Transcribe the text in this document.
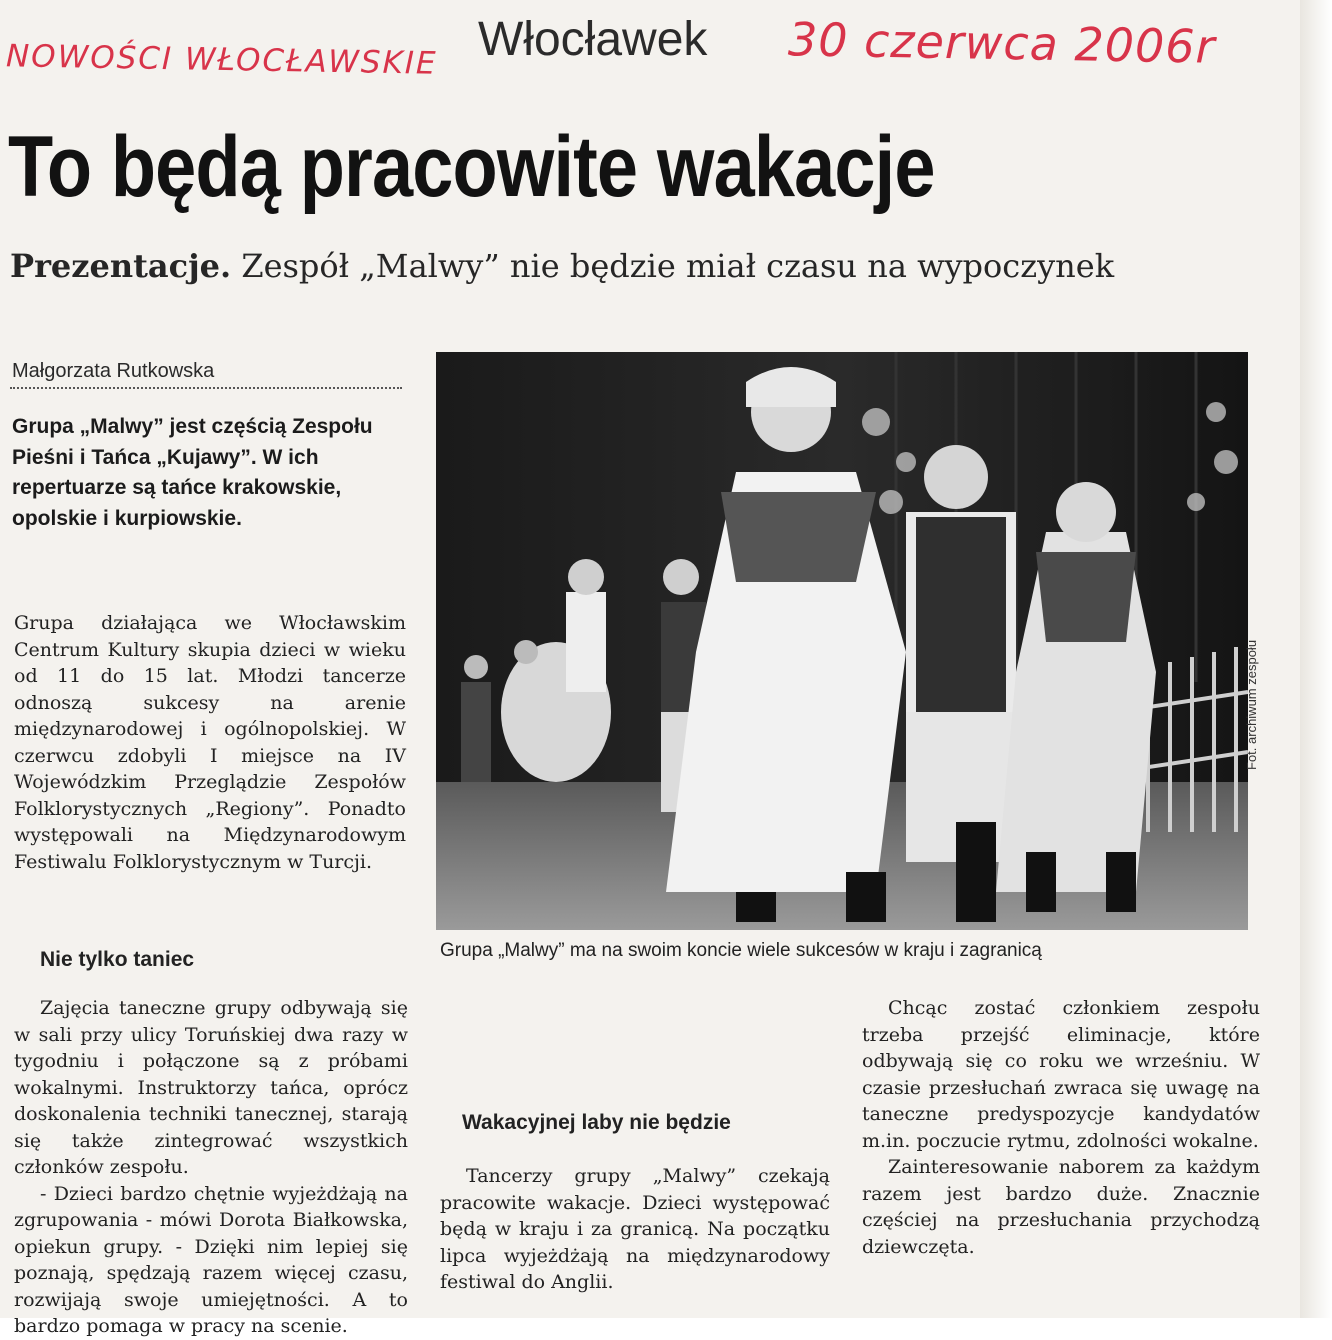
NOWOŚCI WŁOCŁAWSKIE Włocławek 30 czerwca 2006r
To będą pracowite wakacje
Prezentacje. Zespół „Malwy” nie będzie miał czasu na wypoczynek
Małgorzata Rutkowska
Grupa „Malwy” jest częścią Zespołu Pieśni i Tańca „Kujawy”. W ich repertuarze są tańce krakowskie, opolskie i kurpiowskie.

Grupa działająca we Włocławskim Centrum Kultury skupia dzieci w wieku od 11 do 15 lat. Młodzi tancerze odnoszą sukcesy na arenie międzynarodowej i ogólnopolskiej. W czerwcu zdobyli I miejsce na IV Wojewódzkim Przeglądzie Zespołów Folklorystycznych „Regiony”. Ponadto występowali na Międzynarodowym Festiwalu Folklorystycznym w Turcji.

Nie tylko taniec
Fot. archiwum zespołu
Grupa „Malwy” ma na swoim koncie wiele sukcesów w kraju i zagranicą

Zajęcia taneczne grupy odbywają się w sali przy ulicy Toruńskiej dwa razy w tygodniu i połączone są z próbami wokalnymi. Instruktorzy tańca, oprócz doskonalenia techniki tanecznej, starają się także zintegrować wszystkich członków zespołu.

- Dzieci bardzo chętnie wyjeżdżają na zgrupowania - mówi Dorota Białkowska, opiekun grupy. - Dzięki nim lepiej się poznają, spędzają razem więcej czasu, rozwijają swoje umiejętności. A to bardzo pomaga w pracy na scenie.

Wakacyjnej laby nie będzie

Tancerzy grupy „Malwy” czekają pracowite wakacje. Dzieci występować będą w kraju i za granicą. Na początku lipca wyjeżdżają na międzynarodowy festiwal do Anglii.

Chcąc zostać członkiem zespołu trzeba przejść eliminacje, które odbywają się co roku we wrześniu. W czasie przesłuchań zwraca się uwagę na taneczne predyspozycje kandydatów m.in. poczucie rytmu, zdolności wokalne.

Zainteresowanie naborem za każdym razem jest bardzo duże. Znacznie częściej na przesłuchania przychodzą dziewczęta.
